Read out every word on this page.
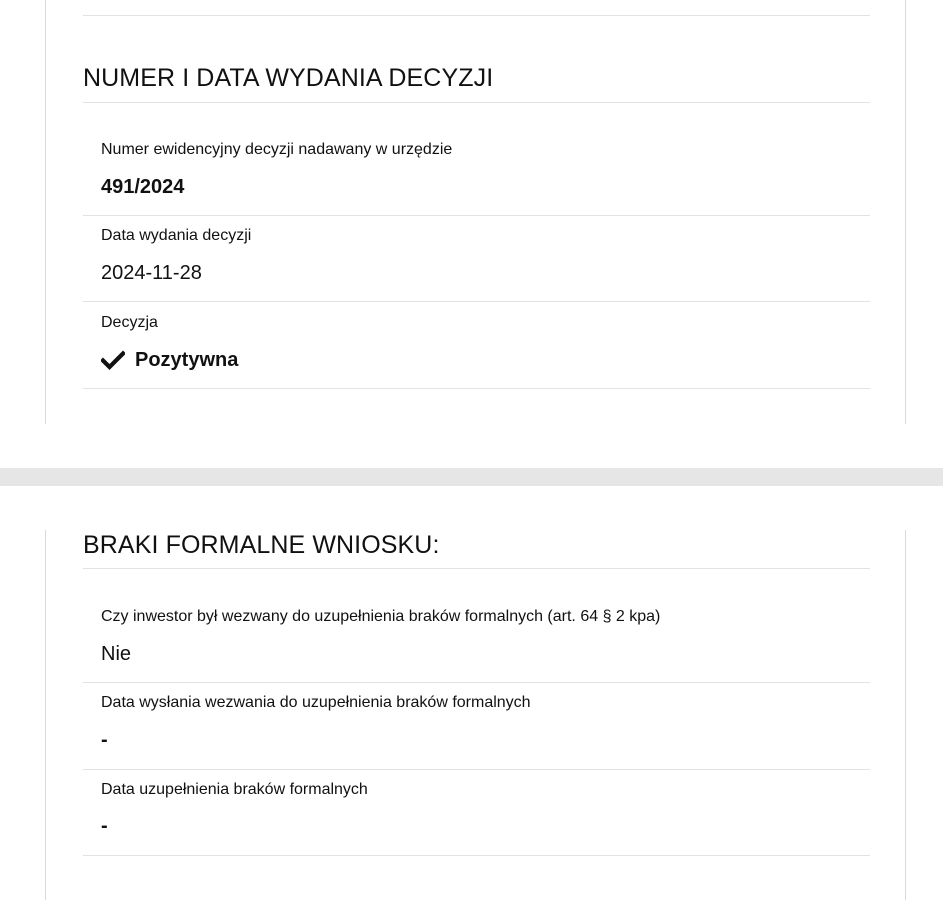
NUMER I DATA WYDANIA DECYZJI
Numer ewidencyjny decyzji nadawany w urzędzie
491/2024
Data wydania decyzji
2024-11-28
Decyzja
Pozytywna
BRAKI FORMALNE WNIOSKU:
Czy inwestor był wezwany do uzupełnienia braków formalnych (art. 64 § 2 kpa)
Nie
Data wysłania wezwania do uzupełnienia braków formalnych
-
Data uzupełnienia braków formalnych
-
